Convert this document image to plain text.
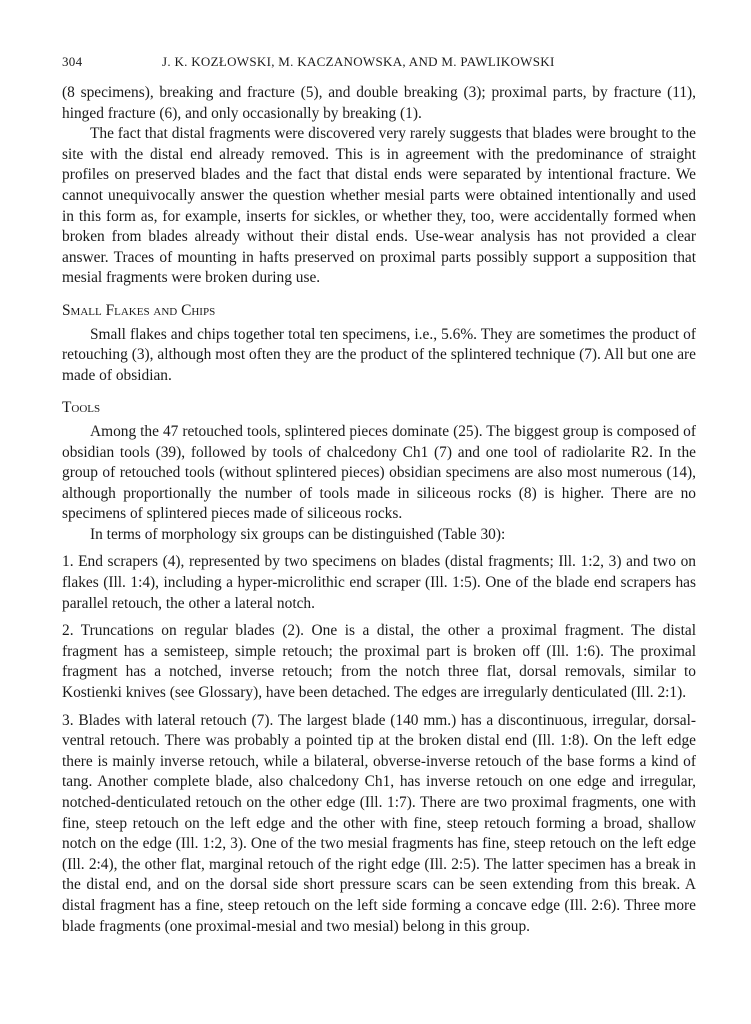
304	J. K. KOZŁOWSKI, M. KACZANOWSKA, AND M. PAWLIKOWSKI

(8 specimens), breaking and fracture (5), and double breaking (3); proximal parts, by fracture (11), hinged fracture (6), and only occasionally by breaking (1).

The fact that distal fragments were discovered very rarely suggests that blades were brought to the site with the distal end already removed. This is in agreement with the predominance of straight profiles on preserved blades and the fact that distal ends were separated by intentional fracture. We cannot unequivocally answer the question whether mesial parts were obtained intentionally and used in this form as, for example, inserts for sickles, or whether they, too, were accidentally formed when broken from blades already without their distal ends. Use-wear analysis has not provided a clear answer. Traces of mounting in hafts preserved on proximal parts possibly support a supposition that mesial fragments were broken during use.

Small Flakes and Chips

Small flakes and chips together total ten specimens, i.e., 5.6%. They are sometimes the product of retouching (3), although most often they are the product of the splintered technique (7). All but one are made of obsidian.

Tools

Among the 47 retouched tools, splintered pieces dominate (25). The biggest group is composed of obsidian tools (39), followed by tools of chalcedony Ch1 (7) and one tool of radiolarite R2. In the group of retouched tools (without splintered pieces) obsidian specimens are also most numerous (14), although proportionally the number of tools made in siliceous rocks (8) is higher. There are no specimens of splintered pieces made of siliceous rocks.

In terms of morphology six groups can be distinguished (Table 30):

1. End scrapers (4), represented by two specimens on blades (distal fragments; Ill. 1:2, 3) and two on flakes (Ill. 1:4), including a hyper-microlithic end scraper (Ill. 1:5). One of the blade end scrapers has parallel retouch, the other a lateral notch.

2. Truncations on regular blades (2). One is a distal, the other a proximal fragment. The distal fragment has a semisteep, simple retouch; the proximal part is broken off (Ill. 1:6). The proximal fragment has a notched, inverse retouch; from the notch three flat, dorsal removals, similar to Kostienki knives (see Glossary), have been detached. The edges are irregularly denticulated (Ill. 2:1).

3. Blades with lateral retouch (7). The largest blade (140 mm.) has a discontinuous, irregular, dorsal-ventral retouch. There was probably a pointed tip at the broken distal end (Ill. 1:8). On the left edge there is mainly inverse retouch, while a bilateral, obverse-inverse retouch of the base forms a kind of tang. Another complete blade, also chalcedony Ch1, has inverse retouch on one edge and irregular, notched-denticulated retouch on the other edge (Ill. 1:7). There are two proximal fragments, one with fine, steep retouch on the left edge and the other with fine, steep retouch forming a broad, shallow notch on the edge (Ill. 1:2, 3). One of the two mesial fragments has fine, steep retouch on the left edge (Ill. 2:4), the other flat, marginal retouch of the right edge (Ill. 2:5). The latter specimen has a break in the distal end, and on the dorsal side short pressure scars can be seen extending from this break. A distal fragment has a fine, steep retouch on the left side forming a concave edge (Ill. 2:6). Three more blade fragments (one proximal-mesial and two mesial) belong in this group.
